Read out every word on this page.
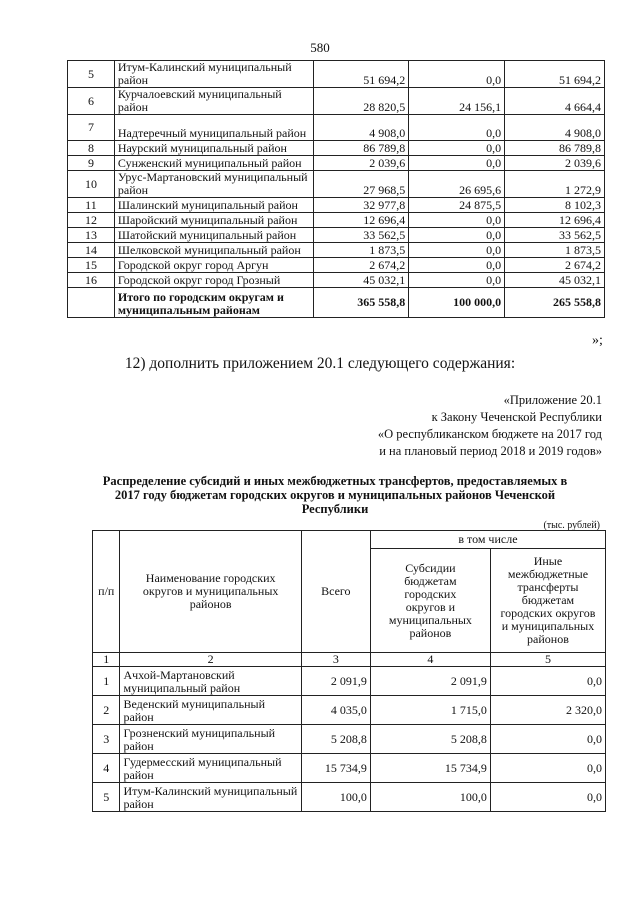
580
5	Итум-Калинский муниципальный район	51 694,2	0,0	51 694,2
6	Курчалоевский муниципальный район	28 820,5	24 156,1	4 664,4
7	Надтеречный муниципальный район	4 908,0	0,0	4 908,0
8	Наурский муниципальный район	86 789,8	0,0	86 789,8
9	Сунженский муниципальный район	2 039,6	0,0	2 039,6
10	Урус-Мартановский муниципальный район	27 968,5	26 695,6	1 272,9
11	Шалинский муниципальный район	32 977,8	24 875,5	8 102,3
12	Шаройский муниципальный район	12 696,4	0,0	12 696,4
13	Шатойский муниципальный район	33 562,5	0,0	33 562,5
14	Шелковской муниципальный район	1 873,5	0,0	1 873,5
15	Городской округ город Аргун	2 674,2	0,0	2 674,2
16	Городской округ город Грозный	45 032,1	0,0	45 032,1
	Итого по городским округам и муниципальным районам	365 558,8	100 000,0	265 558,8
»;
12) дополнить приложением 20.1 следующего содержания:
«Приложение 20.1
к Закону Чеченской Республики
«О республиканском бюджете на 2017 год
и на плановый период 2018 и 2019 годов»
Распределение субсидий и иных межбюджетных трансфертов, предоставляемых в 2017 году бюджетам городских округов и муниципальных районов Чеченской Республики
(тыс. рублей)
п/п	Наименование городских округов и муниципальных районов	Всего	в том числе	
			Субсидии бюджетам городских округов и муниципальных районов	Иные межбюджетные трансферты бюджетам городских округов и муниципальных районов
1	2	3	4	5
1	Ачхой-Мартановский муниципальный район	2 091,9	2 091,9	0,0
2	Веденский муниципальный район	4 035,0	1 715,0	2 320,0
3	Грозненский муниципальный район	5 208,8	5 208,8	0,0
4	Гудермесский муниципальный район	15 734,9	15 734,9	0,0
5	Итум-Калинский муниципальный район	100,0	100,0	0,0
